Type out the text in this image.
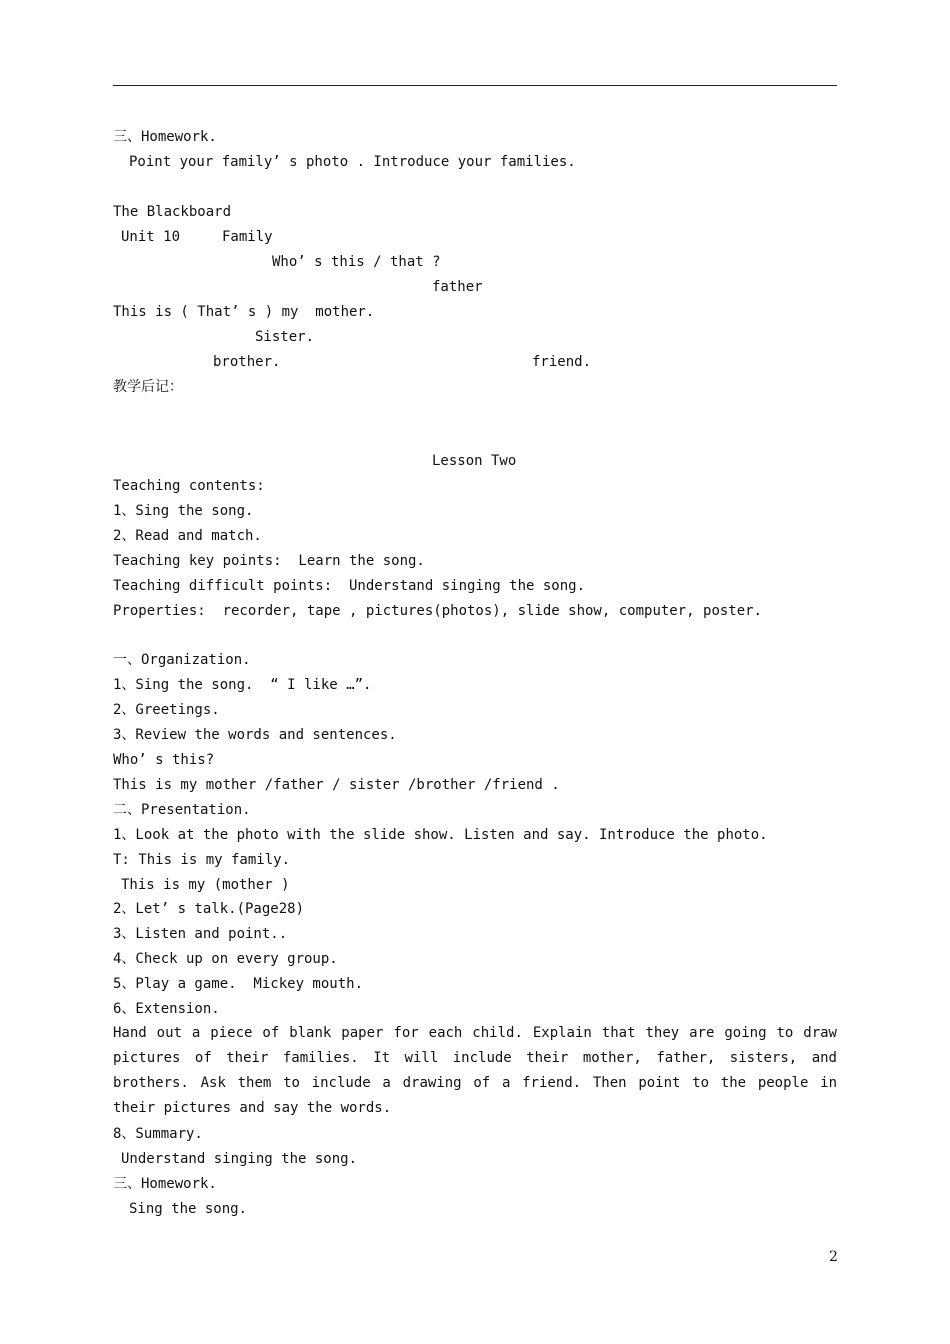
三、Homework.
Point your family’ s photo . Introduce your families.
The Blackboard
Unit 10	Family
Who’ s this / that ?
father
This is ( That’ s ) my  mother.
Sister.
brother.	friend.
教学后记：
Lesson Two
Teaching contents:
1、Sing the song.
2、Read and match.
Teaching key points:  Learn the song.
Teaching difficult points:  Understand singing the song.
Properties:  recorder, tape , pictures(photos), slide show, computer, poster.
一、Organization.
1、Sing the song.  “ I like …”.
2、Greetings.
3、Review the words and sentences.
Who’ s this?
This is my mother /father / sister /brother /friend .
二、Presentation.
1、Look at the photo with the slide show. Listen and say. Introduce the photo.
T: This is my family.
This is my (mother )
2、Let’ s talk.(Page28)
3、Listen and point..
4、Check up on every group.
5、Play a game.  Mickey mouth.
6、Extension.
Hand out a piece of blank paper for each child. Explain that they are going to draw pictures of their families. It will include their mother, father, sisters, and brothers. Ask them to include a drawing of a friend. Then point to the people in their pictures and say the words.
8、Summary.
Understand singing the song.
三、Homework.
Sing the song.
2
